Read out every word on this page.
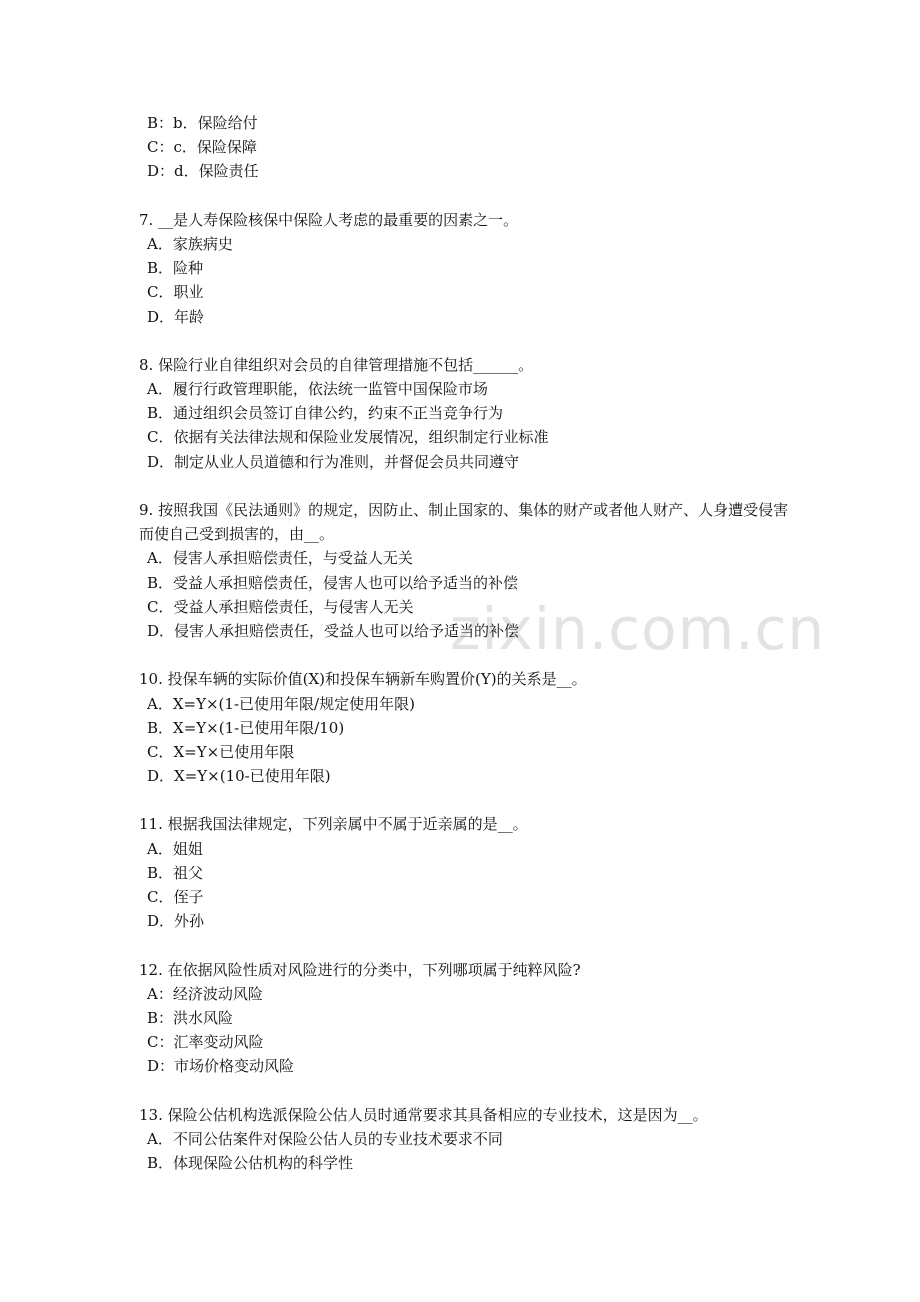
zixin.com.cn
B：b．保险给付
C：c．保险保障
D：d．保险责任
7. __是人寿保险核保中保险人考虑的最重要的因素之一。
A．家族病史
B．险种
C．职业
D．年龄
8. 保险行业自律组织对会员的自律管理措施不包括______。
A．履行行政管理职能，依法统一监管中国保险市场
B．通过组织会员签订自律公约，约束不正当竞争行为
C．依据有关法律法规和保险业发展情况，组织制定行业标准
D．制定从业人员道德和行为准则，并督促会员共同遵守
9. 按照我国《民法通则》的规定，因防止、制止国家的、集体的财产或者他人财产、人身遭受侵害而使自己受到损害的，由__。
A．侵害人承担赔偿责任，与受益人无关
B．受益人承担赔偿责任，侵害人也可以给予适当的补偿
C．受益人承担赔偿责任，与侵害人无关
D．侵害人承担赔偿责任，受益人也可以给予适当的补偿
10. 投保车辆的实际价值(X)和投保车辆新车购置价(Y)的关系是__。
A．X=Y×(1-已使用年限/规定使用年限)
B．X=Y×(1-已使用年限/10)
C．X=Y×已使用年限
D．X=Y×(10-已使用年限)
11. 根据我国法律规定，下列亲属中不属于近亲属的是__。
A．姐姐
B．祖父
C．侄子
D．外孙
12. 在依据风险性质对风险进行的分类中，下列哪项属于纯粹风险?
A：经济波动风险
B：洪水风险
C：汇率变动风险
D：市场价格变动风险
13. 保险公估机构选派保险公估人员时通常要求其具备相应的专业技术，这是因为__。
A．不同公估案件对保险公估人员的专业技术要求不同
B．体现保险公估机构的科学性
